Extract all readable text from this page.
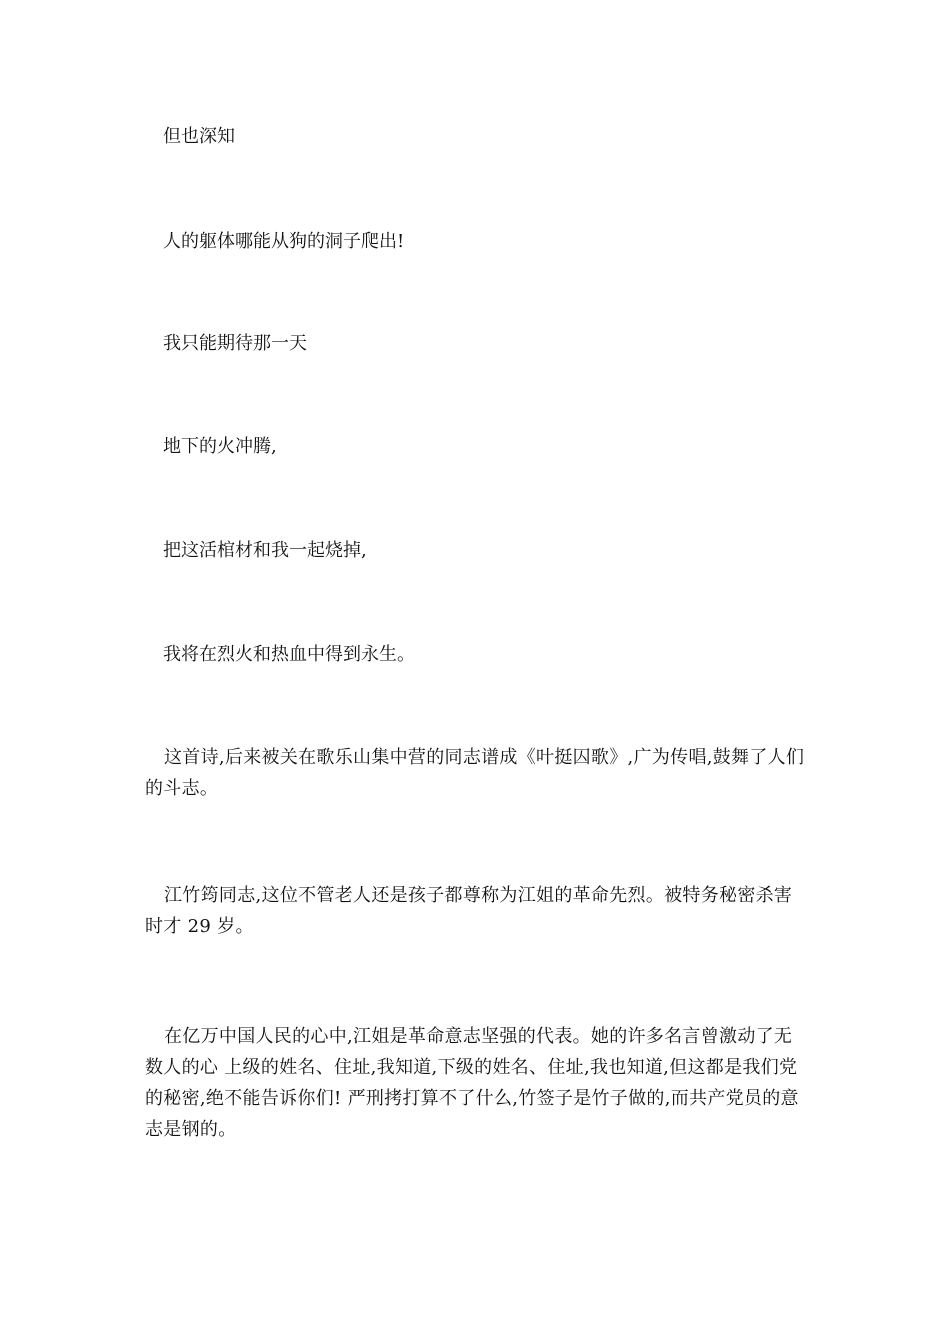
但也深知
人的躯体哪能从狗的洞子爬出!
我只能期待那一天
地下的火冲腾,
把这活棺材和我一起烧掉,
我将在烈火和热血中得到永生。
这首诗,后来被关在歌乐山集中营的同志谱成《叶挺囚歌》,广为传唱,鼓舞了人们的斗志。
江竹筠同志,这位不管老人还是孩子都尊称为江姐的革命先烈。被特务秘密杀害时才 29 岁。
在亿万中国人民的心中,江姐是革命意志坚强的代表。她的许多名言曾激动了无数人的心 上级的姓名、住址,我知道,下级的姓名、住址,我也知道,但这都是我们党的秘密,绝不能告诉你们! 严刑拷打算不了什么,竹签子是竹子做的,而共产党员的意志是钢的。
